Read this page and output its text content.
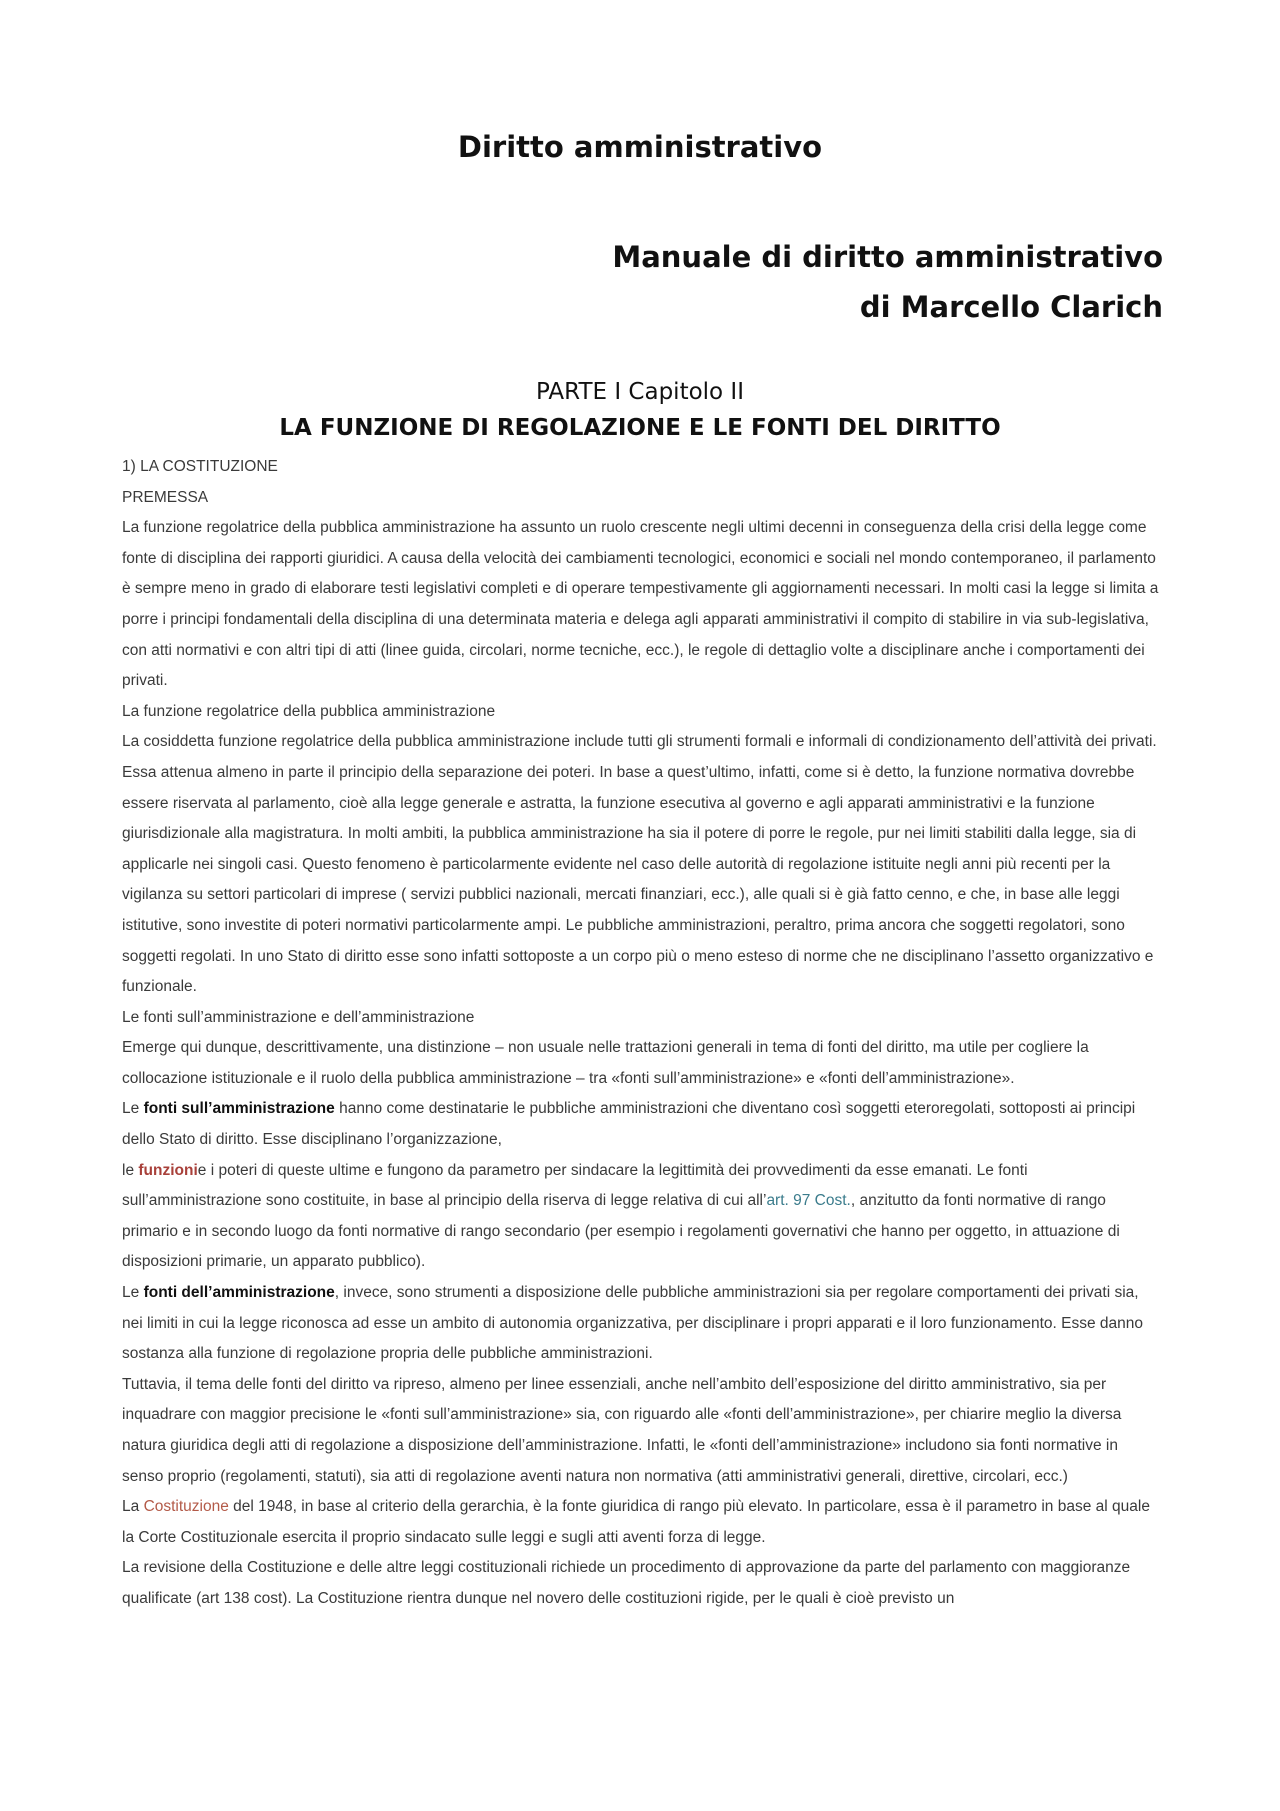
Diritto amministrativo
Manuale di diritto amministrativo
di Marcello Clarich
PARTE I Capitolo II
LA FUNZIONE DI REGOLAZIONE E LE FONTI DEL DIRITTO

1) LA COSTITUZIONE

PREMESSA

La funzione regolatrice della pubblica amministrazione ha assunto un ruolo crescente negli ultimi decenni in conseguenza della crisi della legge come fonte di disciplina dei rapporti giuridici. A causa della velocità dei cambiamenti tecnologici, economici e sociali nel mondo contemporaneo, il parlamento è sempre meno in grado di elaborare testi legislativi completi e di operare tempestivamente gli aggiornamenti necessari. In molti casi la legge si limita a porre i principi fondamentali della disciplina di una determinata materia e delega agli apparati amministrativi il compito di stabilire in via sub-legislativa, con atti normativi e con altri tipi di atti (linee guida, circolari, norme tecniche, ecc.), le regole di dettaglio volte a disciplinare anche i comportamenti dei privati.

La funzione regolatrice della pubblica amministrazione

La cosiddetta funzione regolatrice della pubblica amministrazione include tutti gli strumenti formali e informali di condizionamento dell’attività dei privati. Essa attenua almeno in parte il principio della separazione dei poteri. In base a quest’ultimo, infatti, come si è detto, la funzione normativa dovrebbe essere riservata al parlamento, cioè alla legge generale e astratta, la funzione esecutiva al governo e agli apparati amministrativi e la funzione giurisdizionale alla magistratura. In molti ambiti, la pubblica amministrazione ha sia il potere di porre le regole, pur nei limiti stabiliti dalla legge, sia di applicarle nei singoli casi. Questo fenomeno è particolarmente evidente nel caso delle autorità di regolazione istituite negli anni più recenti per la vigilanza su settori particolari di imprese ( servizi pubblici nazionali, mercati finanziari, ecc.), alle quali si è già fatto cenno, e che, in base alle leggi istitutive, sono investite di poteri normativi particolarmente ampi. Le pubbliche amministrazioni, peraltro, prima ancora che soggetti regolatori, sono soggetti regolati. In uno Stato di diritto esse sono infatti sottoposte a un corpo più o meno esteso di norme che ne disciplinano l’assetto organizzativo e funzionale.

Le fonti sull’amministrazione e dell’amministrazione

Emerge qui dunque, descrittivamente, una distinzione – non usuale nelle trattazioni generali in tema di fonti del diritto, ma utile per cogliere la collocazione istituzionale e il ruolo della pubblica amministrazione – tra «fonti sull’amministrazione» e «fonti dell’amministrazione».

Le fonti sull’amministrazione hanno come destinatarie le pubbliche amministrazioni che diventano così soggetti eteroregolati, sottoposti ai principi dello Stato di diritto. Esse disciplinano l’organizzazione,

le funzionie i poteri di queste ultime e fungono da parametro per sindacare la legittimità dei provvedimenti da esse emanati. Le fonti sull’amministrazione sono costituite, in base al principio della riserva di legge relativa di cui all’art. 97 Cost., anzitutto da fonti normative di rango primario e in secondo luogo da fonti normative di rango secondario (per esempio i regolamenti governativi che hanno per oggetto, in attuazione di disposizioni primarie, un apparato pubblico).

Le fonti dell’amministrazione, invece, sono strumenti a disposizione delle pubbliche amministrazioni sia per regolare comportamenti dei privati sia, nei limiti in cui la legge riconosca ad esse un ambito di autonomia organizzativa, per disciplinare i propri apparati e il loro funzionamento. Esse danno sostanza alla funzione di regolazione propria delle pubbliche amministrazioni.

Tuttavia, il tema delle fonti del diritto va ripreso, almeno per linee essenziali, anche nell’ambito dell’esposizione del diritto amministrativo, sia per inquadrare con maggior precisione le «fonti sull’amministrazione» sia, con riguardo alle «fonti dell’amministrazione», per chiarire meglio la diversa natura giuridica degli atti di regolazione a disposizione dell’amministrazione. Infatti, le «fonti dell’amministrazione» includono sia fonti normative in senso proprio (regolamenti, statuti), sia atti di regolazione aventi natura non normativa (atti amministrativi generali, direttive, circolari, ecc.)

La Costituzione del 1948, in base al criterio della gerarchia, è la fonte giuridica di rango più elevato. In particolare, essa è il parametro in base al quale la Corte Costituzionale esercita il proprio sindacato sulle leggi e sugli atti aventi forza di legge.

La revisione della Costituzione e delle altre leggi costituzionali richiede un procedimento di approvazione da parte del parlamento con maggioranze qualificate (art 138 cost). La Costituzione rientra dunque nel novero delle costituzioni rigide, per le quali è cioè previsto un
